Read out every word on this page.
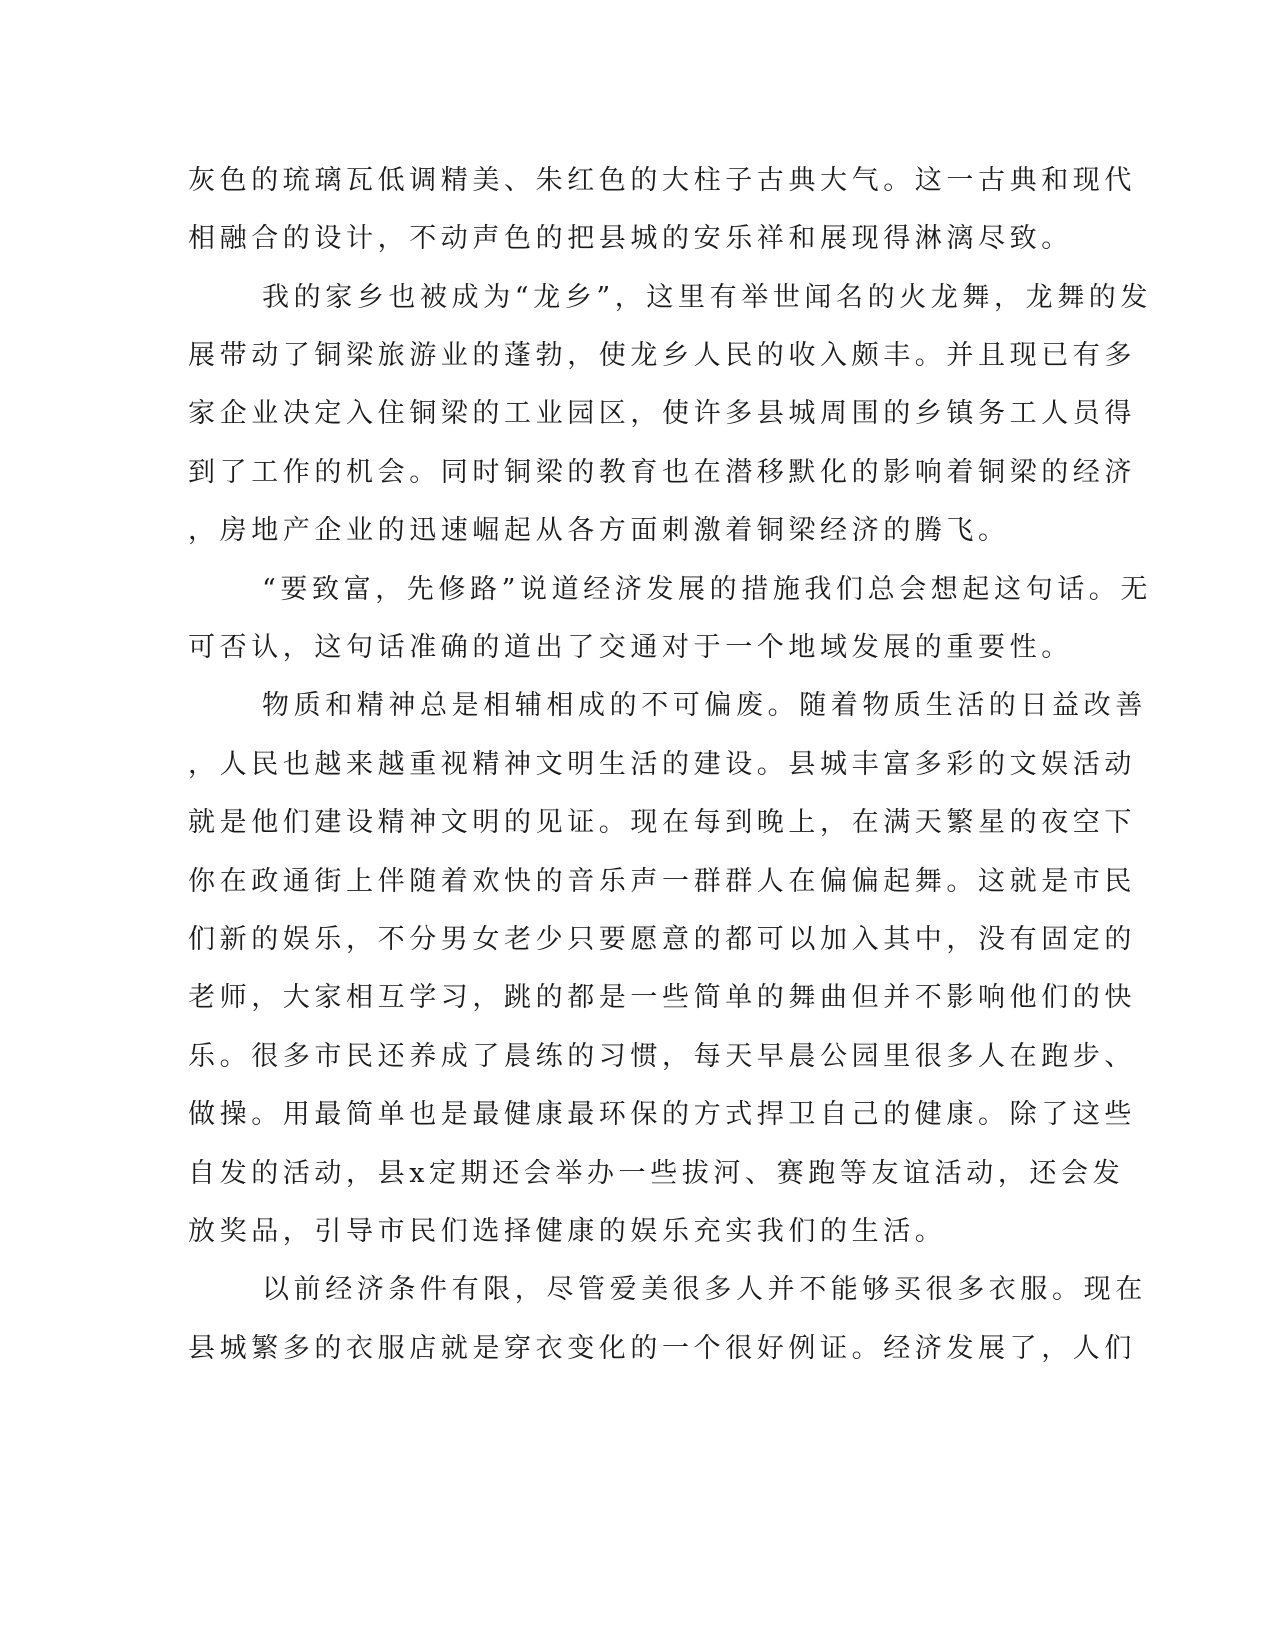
灰色的琉璃瓦低调精美、朱红色的大柱子古典大气。这一古典和现代
相融合的设计，不动声色的把县城的安乐祥和展现得淋漓尽致。
我的家乡也被成为“龙乡”，这里有举世闻名的火龙舞，龙舞的发
展带动了铜梁旅游业的蓬勃，使龙乡人民的收入颇丰。并且现已有多
家企业决定入住铜梁的工业园区，使许多县城周围的乡镇务工人员得
到了工作的机会。同时铜梁的教育也在潜移默化的影响着铜梁的经济
，房地产企业的迅速崛起从各方面刺激着铜梁经济的腾飞。
“要致富，先修路”说道经济发展的措施我们总会想起这句话。无
可否认，这句话准确的道出了交通对于一个地域发展的重要性。
物质和精神总是相辅相成的不可偏废。随着物质生活的日益改善
，人民也越来越重视精神文明生活的建设。县城丰富多彩的文娱活动
就是他们建设精神文明的见证。现在每到晚上，在满天繁星的夜空下
你在政通街上伴随着欢快的音乐声一群群人在偏偏起舞。这就是市民
们新的娱乐，不分男女老少只要愿意的都可以加入其中，没有固定的
老师，大家相互学习，跳的都是一些简单的舞曲但并不影响他们的快
乐。很多市民还养成了晨练的习惯，每天早晨公园里很多人在跑步、
做操。用最简单也是最健康最环保的方式捍卫自己的健康。除了这些
自发的活动，县x定期还会举办一些拔河、赛跑等友谊活动，还会发
放奖品，引导市民们选择健康的娱乐充实我们的生活。
以前经济条件有限，尽管爱美很多人并不能够买很多衣服。现在
县城繁多的衣服店就是穿衣变化的一个很好例证。经济发展了，人们
